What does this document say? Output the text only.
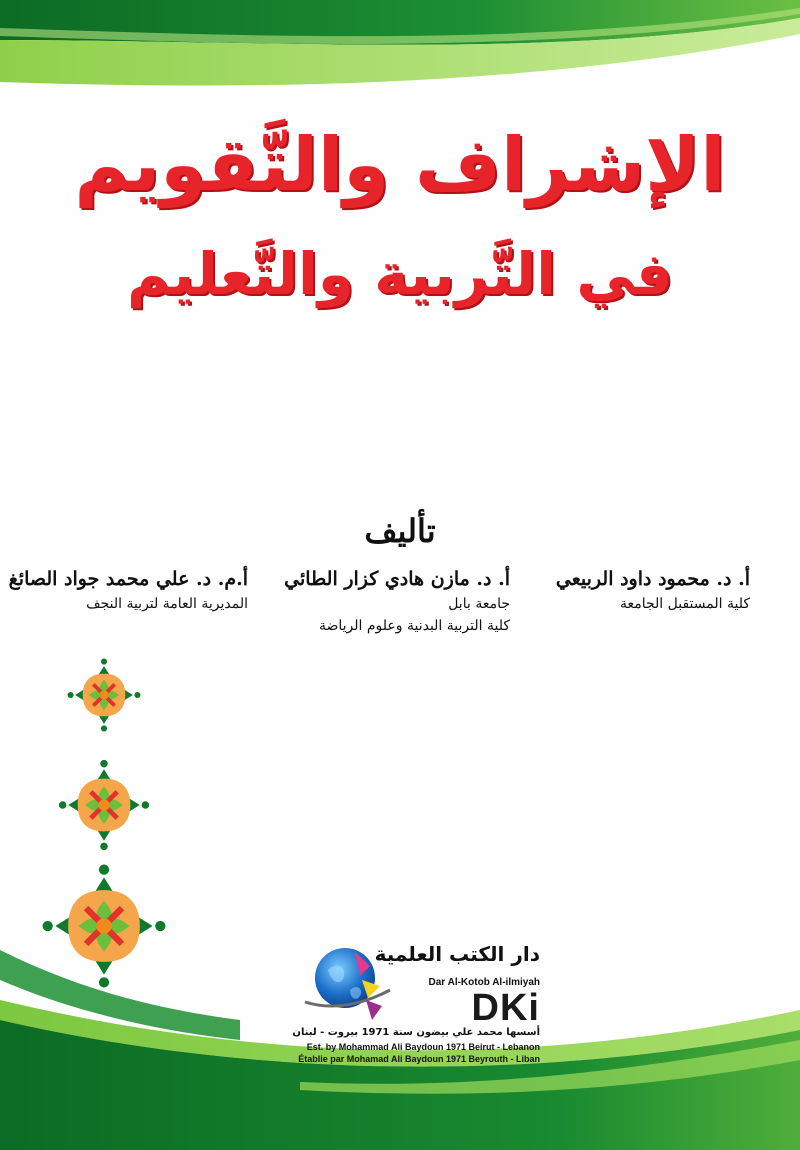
الإشراف والتَّقويم
في التَّربية والتَّعليم
تأليف
أ. د. محمود داود الربيعي
كلية المستقبل الجامعة
أ. د. مازن هادي كزار الطائي
جامعة بابل
كلية التربية البدنية وعلوم الرياضة
أ.م. د. علي محمد جواد الصائغ
المديرية العامة لتربية النجف
دار الكتب العلمية
Dar Al-Kotob Al-ilmiyah
DKi
أسسها محمد علي بيضون سنة 1971 بيروت - لبنان
Est. by Mohammad Ali Baydoun 1971 Beirut - Lebanon
Établie par Mohamad Ali Baydoun 1971 Beyrouth - Liban
